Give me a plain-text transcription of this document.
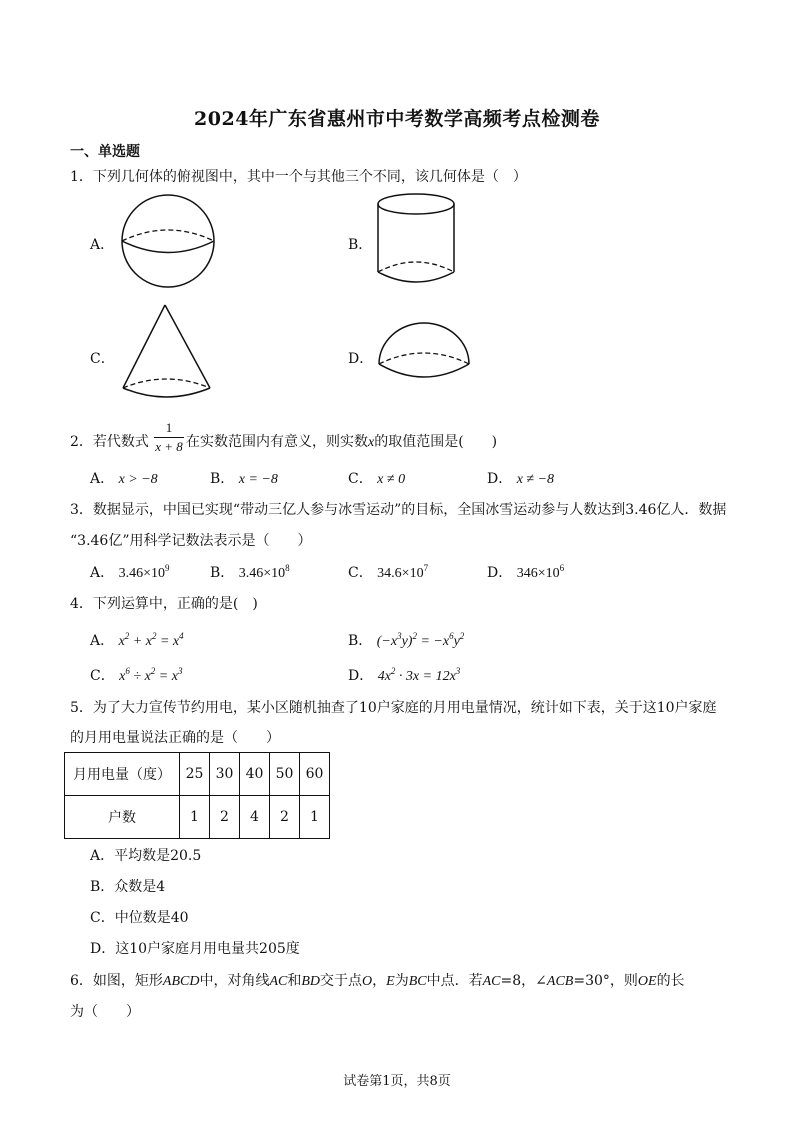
2024年广东省惠州市中考数学高频考点检测卷
一、单选题
1．下列几何体的俯视图中，其中一个与其他三个不同，该几何体是（　）
A．	B．
C．	D．
2．若代数式
1
x + 8 在实数范围内有意义，则实数x的取值范围是(　　)
A． x > −8	B． x = −8	C． x ≠ 0	D． x ≠ −8
3．数据显示，中国已实现“带动三亿人参与冰雪运动”的目标，全国冰雪运动参与人数达到3.46亿人．数据
“3.46亿”用科学记数法表示是（　　）
A． $3.46\times 10^9$	B． $3.46\times 10^8$	C． $34.6\times 10^7$	D． $346\times 10^6$
4．下列运算中，正确的是(　)
A． $x^2 + x^2 = x^4$	B． $(-x^3y)^2 = -x^6y^2$
C． $x^6 \div x^2 = x^3$	D． $4x^2 \cdot 3x = 12x^3$
5．为了大力宣传节约用电，某小区随机抽查了10户家庭的月用电量情况，统计如下表，关于这10户家庭
的月用电量说法正确的是（　　）
月用电量（度）	25	30	40	50	60
户数	1	2	4	2	1
A．平均数是20.5
B．众数是4
C．中位数是40
D．这10户家庭月用电量共205度
6．如图，矩形ABCD中，对角线AC和BD交于点O，E为BC中点．若AC=8，∠ACB=30°，则OE的长
为（　　）
试卷第1页，共8页
